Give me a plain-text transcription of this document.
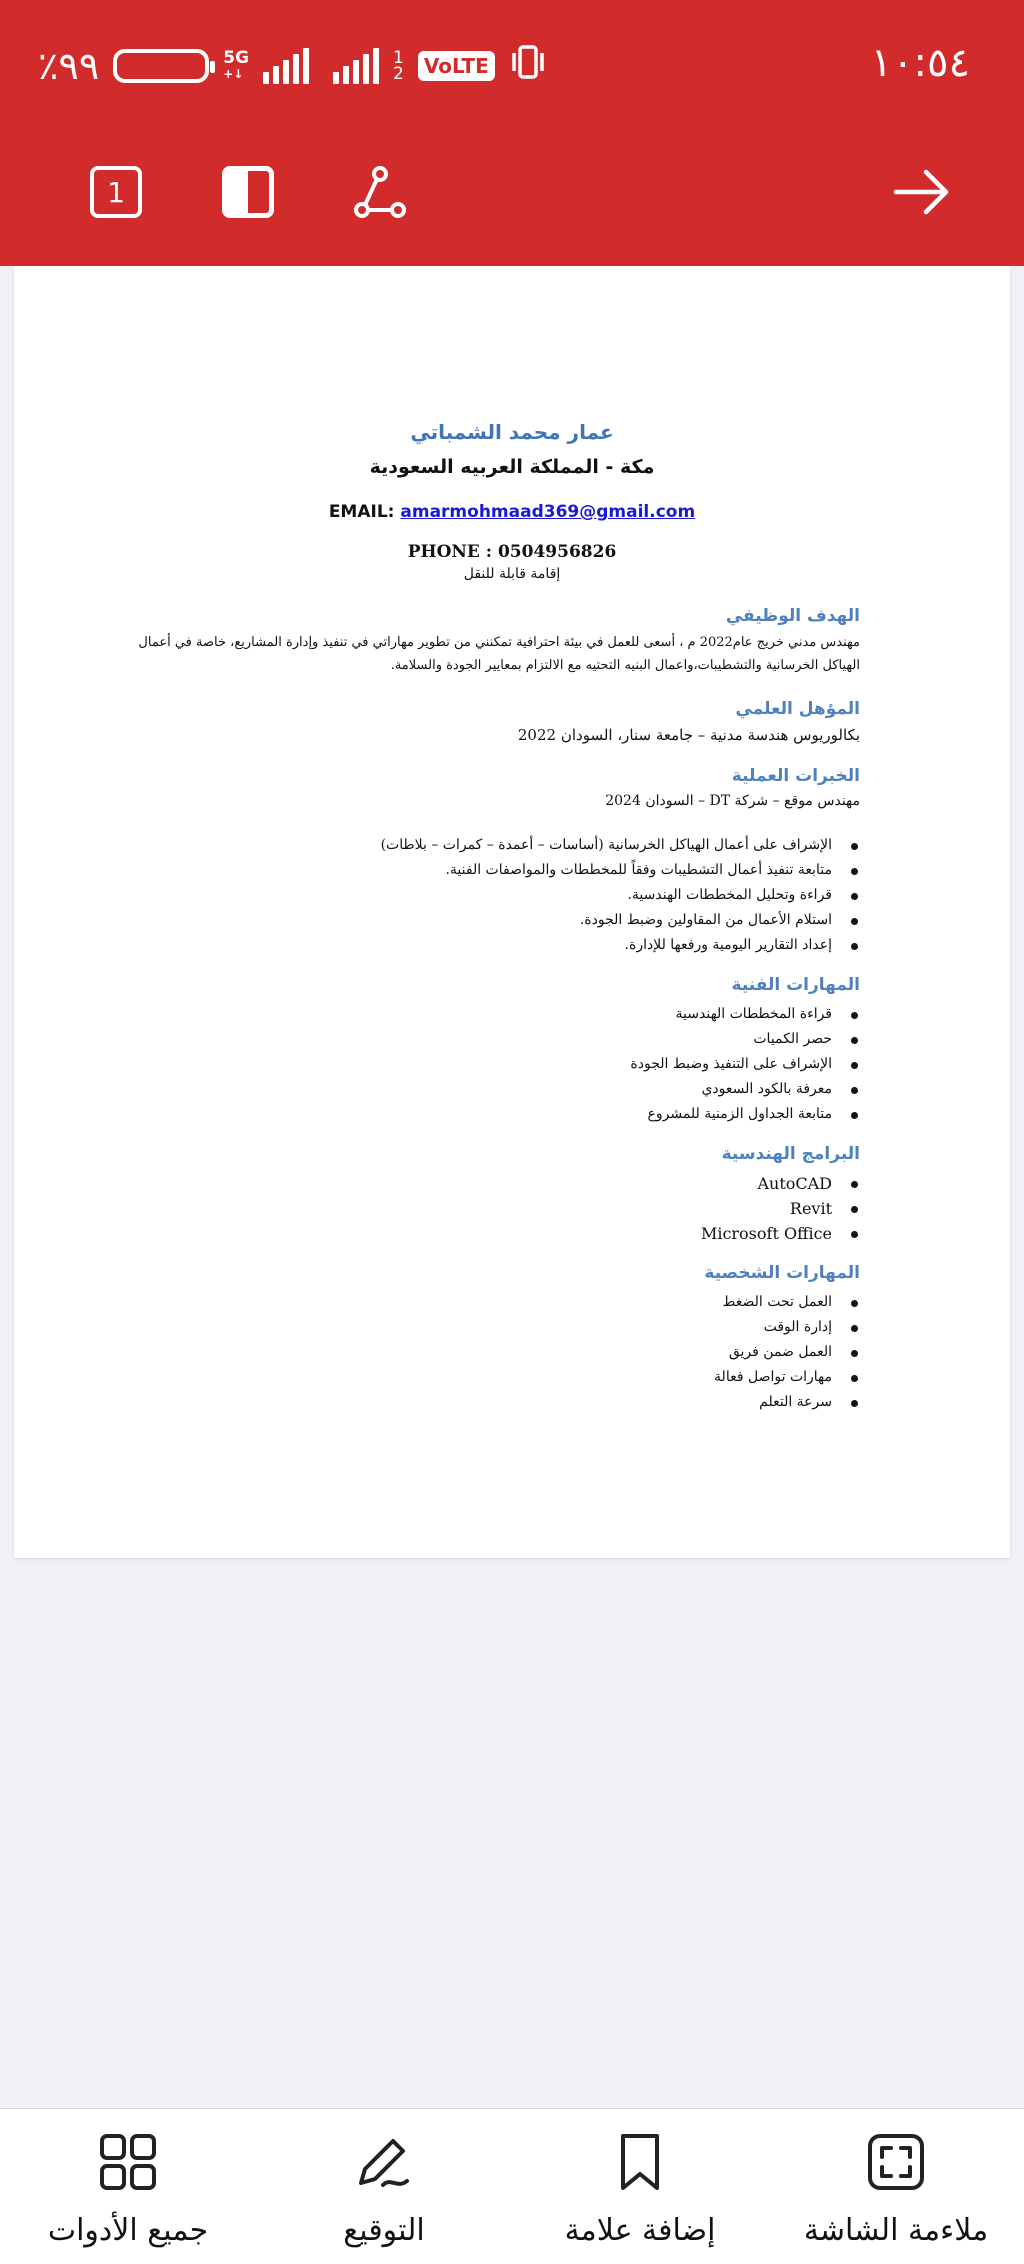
٪٩٩	5G
+↓
1
2	VoLTE	١٠:٥٤
1
عمار محمد الشمباتي
مكة - المملكة العربيه السعودية
EMAIL: amarmohmaad369@gmail.com
PHONE : 0504956826
إقامة قابلة للنقل
الهدف الوظيفي
مهندس مدني خريج عام2022 م ، أسعى للعمل في بيئة احترافية تمكنني من تطوير مهاراتي في تنفيذ وإدارة المشاريع، خاصة في أعمال الهياكل الخرسانية والتشطيبات،واعمال البنيه التحتيه مع الالتزام بمعايير الجودة والسلامة.
المؤهل العلمي
بكالوريوس هندسة مدنية – جامعة سنار، السودان 2022
الخبرات العملية
مهندس موقع – شركة DT – السودان 2024
الإشراف على أعمال الهياكل الخرسانية (أساسات – أعمدة – كمرات – بلاطات)
متابعة تنفيذ أعمال التشطيبات وفقاً للمخططات والمواصفات الفنية.
قراءة وتحليل المخططات الهندسية.
استلام الأعمال من المقاولين وضبط الجودة.
إعداد التقارير اليومية ورفعها للإدارة.
المهارات الفنية
قراءة المخططات الهندسية
حصر الكميات
الإشراف على التنفيذ وضبط الجودة
معرفة بالكود السعودي
متابعة الجداول الزمنية للمشروع
البرامج الهندسية
AutoCAD
Revit
Microsoft Office
المهارات الشخصية
العمل تحت الضغط
إدارة الوقت
العمل ضمن فريق
مهارات تواصل فعالة
سرعة التعلم
ملاءمة الشاشة
إضافة علامة
التوقيع
جميع الأدوات
